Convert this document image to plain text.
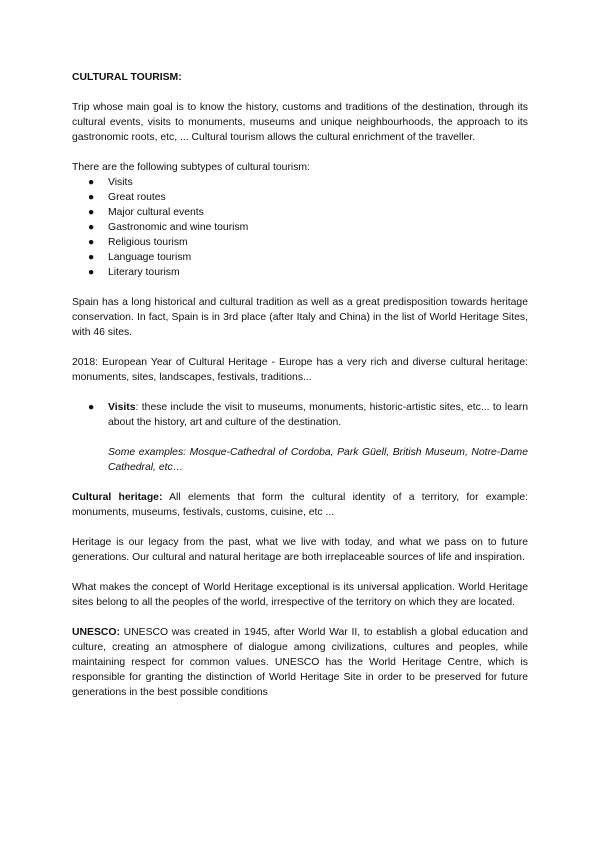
CULTURAL TOURISM:

Trip whose main goal is to know the history, customs and traditions of the destination, through its cultural events, visits to monuments, museums and unique neighbourhoods, the approach to its gastronomic roots, etc, ... Cultural tourism allows the cultural enrichment of the traveller.

There are the following subtypes of cultural tourism:

● Visits
● Great routes
● Major cultural events
● Gastronomic and wine tourism
● Religious tourism
● Language tourism
● Literary tourism

Spain has a long historical and cultural tradition as well as a great predisposition towards heritage conservation. In fact, Spain is in 3rd place (after Italy and China) in the list of World Heritage Sites, with 46 sites.

2018: European Year of Cultural Heritage - Europe has a very rich and diverse cultural heritage: monuments, sites, landscapes, festivals, traditions...

● Visits: these include the visit to museums, monuments, historic-artistic sites, etc... to learn about the history, art and culture of the destination.

Some examples: Mosque-Cathedral of Cordoba, Park Güell, British Museum, Notre-Dame Cathedral, etc…

Cultural heritage: All elements that form the cultural identity of a territory, for example: monuments, museums, festivals, customs, cuisine, etc ...

Heritage is our legacy from the past, what we live with today, and what we pass on to future generations. Our cultural and natural heritage are both irreplaceable sources of life and inspiration.

What makes the concept of World Heritage exceptional is its universal application. World Heritage sites belong to all the peoples of the world, irrespective of the territory on which they are located.

UNESCO: UNESCO was created in 1945, after World War II, to establish a global education and culture, creating an atmosphere of dialogue among civilizations, cultures and peoples, while maintaining respect for common values. UNESCO has the World Heritage Centre, which is responsible for granting the distinction of World Heritage Site in order to be preserved for future generations in the best possible conditions
